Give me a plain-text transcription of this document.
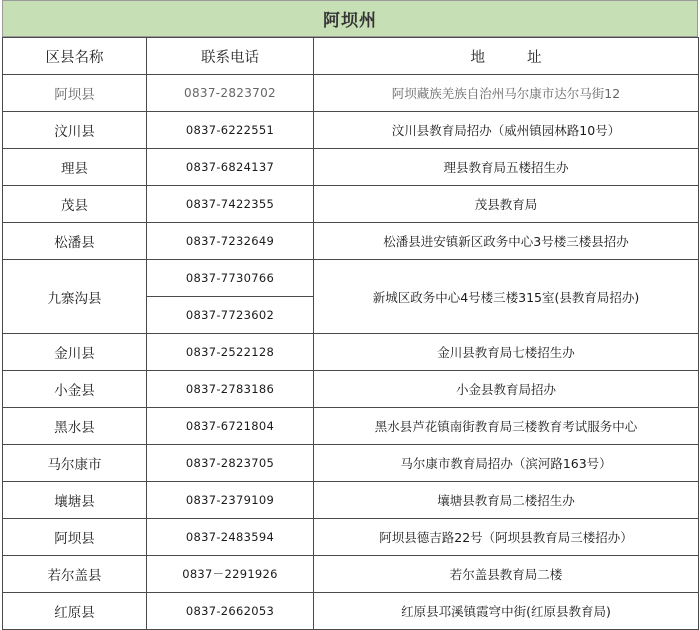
阿坝州
区县名称	联系电话	地 址
阿坝县	0837-2823702	阿坝藏族羌族自治州马尔康市达尔马街12
汶川县	0837-6222551	汶川县教育局招办（威州镇园林路10号）
理县	0837-6824137	理县教育局五楼招生办
茂县	0837-7422355	茂县教育局
松潘县	0837-7232649	松潘县进安镇新区政务中心3号楼三楼县招办
九寨沟县	0837-7730766	新城区政务中心4号楼三楼315室(县教育局招办)
	0837-7723602	
金川县	0837-2522128	金川县教育局七楼招生办
小金县	0837-2783186	小金县教育局招办
黑水县	0837-6721804	黑水县芦花镇南街教育局三楼教育考试服务中心
马尔康市	0837-2823705	马尔康市教育局招办（滨河路163号）
壤塘县	0837-2379109	壤塘县教育局二楼招生办
阿坝县	0837-2483594	阿坝县德吉路22号（阿坝县教育局三楼招办）
若尔盖县	0837－2291926	若尔盖县教育局二楼
红原县	0837-2662053	红原县邛溪镇霞穹中街(红原县教育局)
